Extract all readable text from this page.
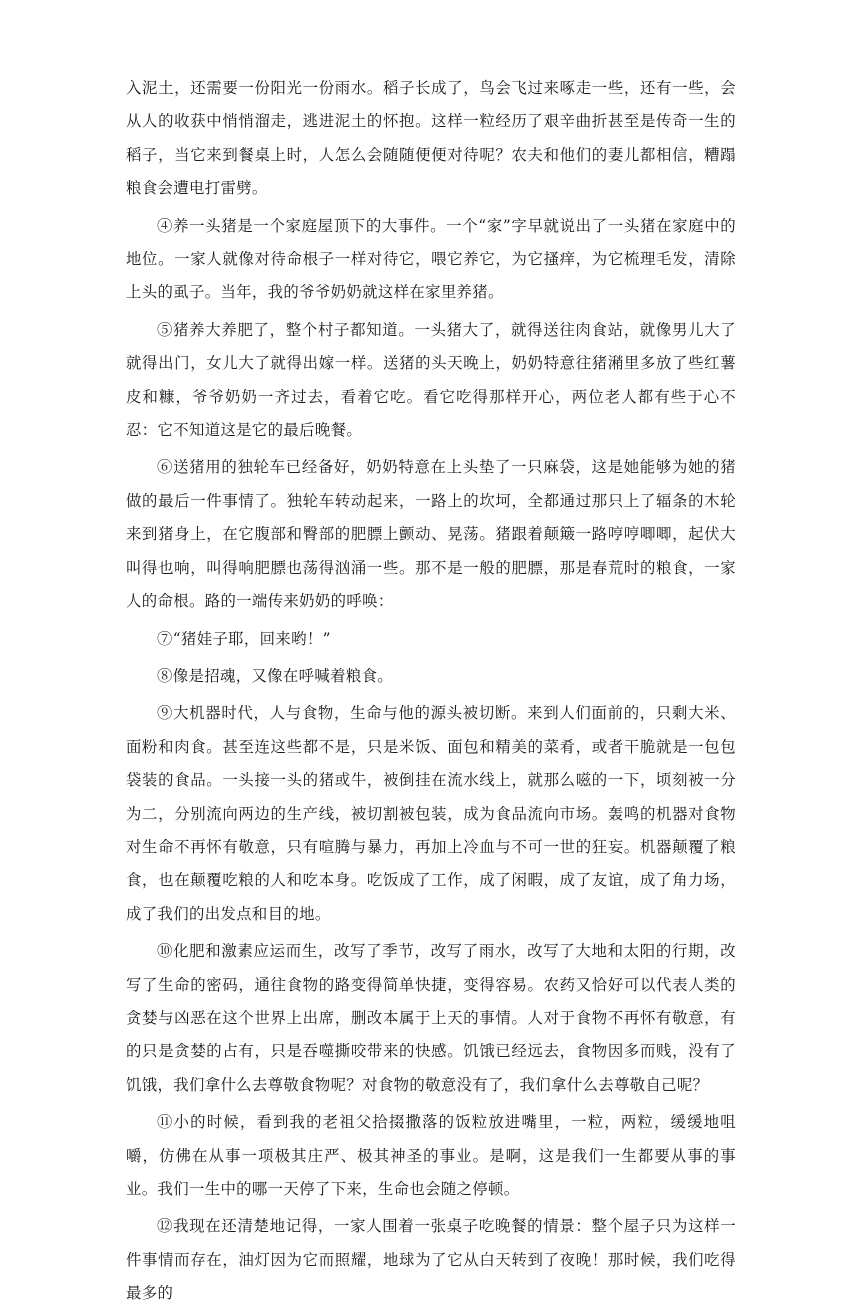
入泥土，还需要一份阳光一份雨水。稻子长成了，鸟会飞过来啄走一些，还有一些，会从人的收获中悄悄溜走，逃进泥土的怀抱。这样一粒经历了艰辛曲折甚至是传奇一生的稻子，当它来到餐桌上时，人怎么会随随便便对待呢？农夫和他们的妻儿都相信，糟蹋粮食会遭电打雷劈。

④养一头猪是一个家庭屋顶下的大事件。一个“家”字早就说出了一头猪在家庭中的地位。一家人就像对待命根子一样对待它，喂它养它，为它搔痒，为它梳理毛发，清除上头的虱子。当年，我的爷爷奶奶就这样在家里养猪。

⑤猪养大养肥了，整个村子都知道。一头猪大了，就得送往肉食站，就像男儿大了就得出门，女儿大了就得出嫁一样。送猪的头天晚上，奶奶特意往猪潲里多放了些红薯皮和糠，爷爷奶奶一齐过去，看着它吃。看它吃得那样开心，两位老人都有些于心不忍：它不知道这是它的最后晚餐。

⑥送猪用的独轮车已经备好，奶奶特意在上头垫了一只麻袋，这是她能够为她的猪做的最后一件事情了。独轮车转动起来，一路上的坎坷，全都通过那只上了辐条的木轮来到猪身上，在它腹部和臀部的肥膘上颤动、晃荡。猪跟着颠簸一路哼哼唧唧，起伏大叫得也响，叫得响肥膘也荡得汹涌一些。那不是一般的肥膘，那是春荒时的粮食，一家人的命根。路的一端传来奶奶的呼唤：

⑦“猪娃子耶，回来哟！”

⑧像是招魂，又像在呼喊着粮食。

⑨大机器时代，人与食物，生命与他的源头被切断。来到人们面前的，只剩大米、面粉和肉食。甚至连这些都不是，只是米饭、面包和精美的菜肴，或者干脆就是一包包袋装的食品。一头接一头的猪或牛，被倒挂在流水线上，就那么嗞的一下，顷刻被一分为二，分别流向两边的生产线，被切割被包装，成为食品流向市场。轰鸣的机器对食物对生命不再怀有敬意，只有喧腾与暴力，再加上冷血与不可一世的狂妄。机器颠覆了粮食，也在颠覆吃粮的人和吃本身。吃饭成了工作，成了闲暇，成了友谊，成了角力场，成了我们的出发点和目的地。

⑩化肥和激素应运而生，改写了季节，改写了雨水，改写了大地和太阳的行期，改写了生命的密码，通往食物的路变得简单快捷，变得容易。农药又恰好可以代表人类的贪婪与凶恶在这个世界上出席，删改本属于上天的事情。人对于食物不再怀有敬意，有的只是贪婪的占有，只是吞噬撕咬带来的快感。饥饿已经远去，食物因多而贱，没有了饥饿，我们拿什么去尊敬食物呢？对食物的敬意没有了，我们拿什么去尊敬自己呢？

⑪小的时候，看到我的老祖父拾掇撒落的饭粒放进嘴里，一粒，两粒，缓缓地咀嚼，仿佛在从事一项极其庄严、极其神圣的事业。是啊，这是我们一生都要从事的事业。我们一生中的哪一天停了下来，生命也会随之停顿。

⑫我现在还清楚地记得，一家人围着一张桌子吃晚餐的情景：整个屋子只为这样一件事情而存在，油灯因为它而照耀，地球为了它从白天转到了夜晚！那时候，我们吃得最多的
